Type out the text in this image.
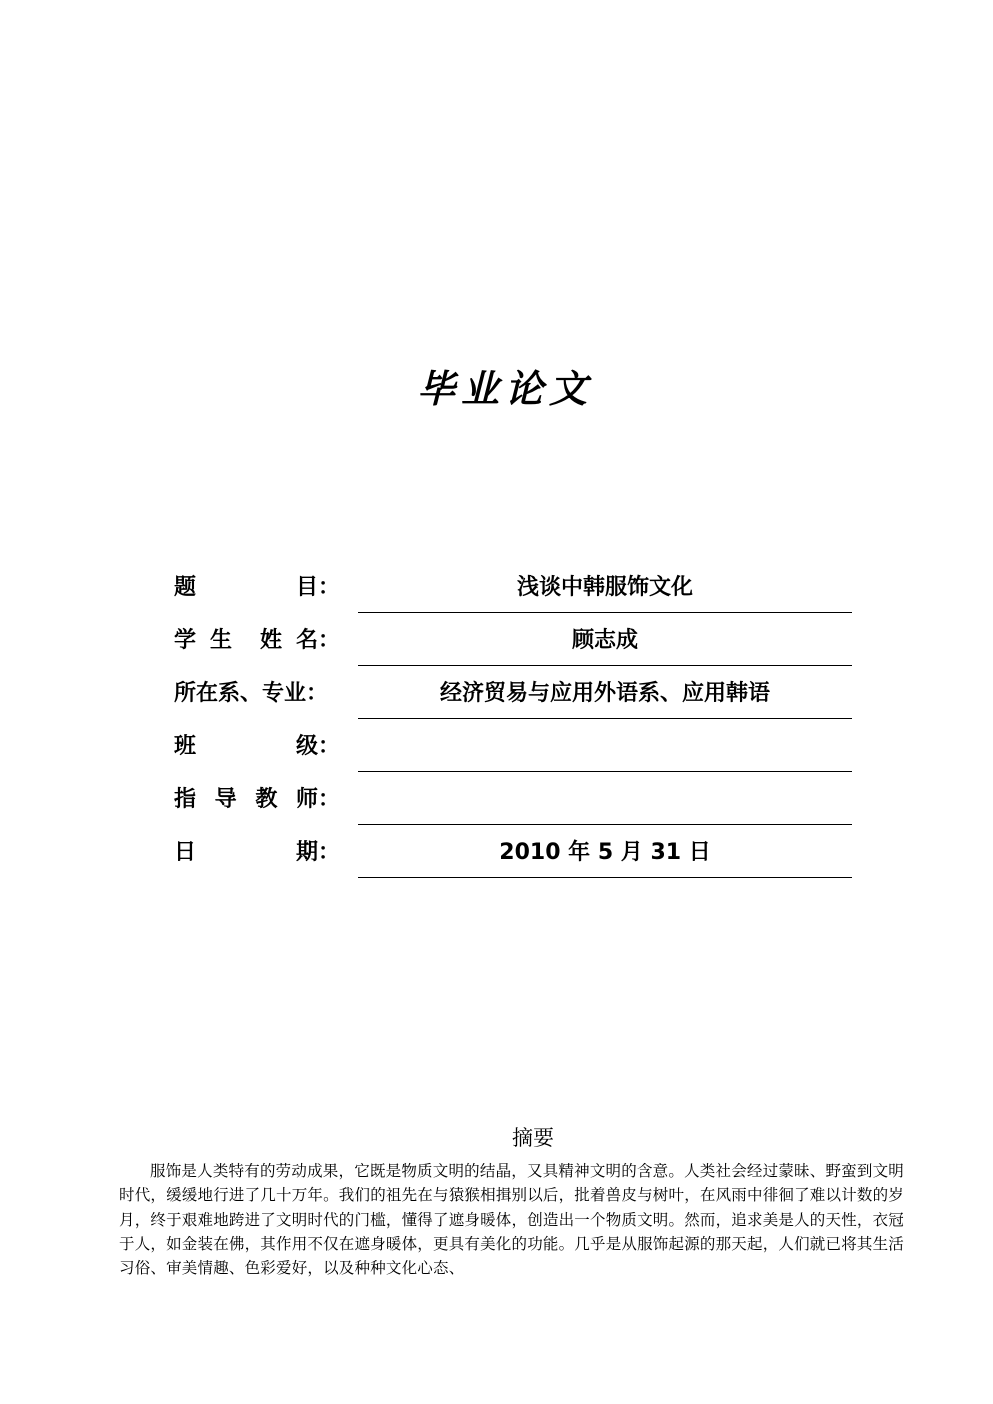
毕业论文
题	目：	浅谈中韩服饰文化
学 生 姓 名：	顾志成
所在系、专业：	经济贸易与应用外语系、应用韩语
班	级：
指 导 教 师：
日	期：	2010 年 5 月 31 日
摘要
服饰是人类特有的劳动成果，它既是物质文明的结晶，又具精神文明的含意。人类社会经过蒙昧、野蛮到文明时代，缓缓地行进了几十万年。我们的祖先在与猿猴相揖别以后，批着兽皮与树叶，在风雨中徘徊了难以计数的岁月，终于艰难地跨进了文明时代的门槛，懂得了遮身暖体，创造出一个物质文明。然而，追求美是人的天性，衣冠于人，如金装在佛，其作用不仅在遮身暖体，更具有美化的功能。几乎是从服饰起源的那天起，人们就已将其生活习俗、审美情趣、色彩爱好，以及种种文化心态、
